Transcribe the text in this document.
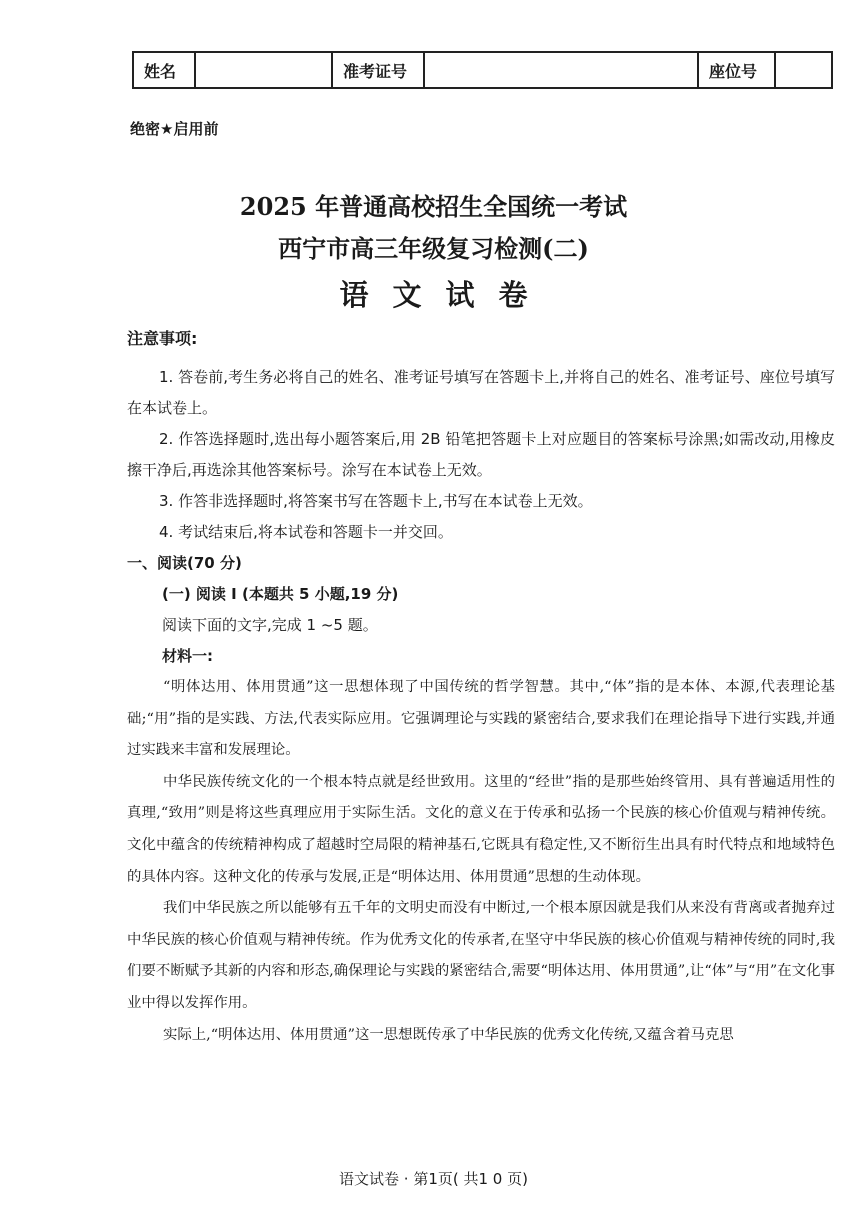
姓名		准考证号		座位号	
绝密★启用前
2025 年普通高校招生全国统一考试
西宁市高三年级复习检测(二)
语文试卷

注意事项:

1. 答卷前,考生务必将自己的姓名、准考证号填写在答题卡上,并将自己的姓名、准考证号、座位号填写在本试卷上。

2. 作答选择题时,选出每小题答案后,用 2B 铅笔把答题卡上对应题目的答案标号涂黑;如需改动,用橡皮擦干净后,再选涂其他答案标号。涂写在本试卷上无效。

3. 作答非选择题时,将答案书写在答题卡上,书写在本试卷上无效。

4. 考试结束后,将本试卷和答题卡一并交回。

一、阅读(70 分)

(一) 阅读 I (本题共 5 小题,19 分)

阅读下面的文字,完成 1 ~5 题。

材料一:

“明体达用、体用贯通”这一思想体现了中国传统的哲学智慧。其中,“体”指的是本体、本源,代表理论基础;“用”指的是实践、方法,代表实际应用。它强调理论与实践的紧密结合,要求我们在理论指导下进行实践,并通过实践来丰富和发展理论。

中华民族传统文化的一个根本特点就是经世致用。这里的“经世”指的是那些始终管用、具有普遍适用性的真理,“致用”则是将这些真理应用于实际生活。文化的意义在于传承和弘扬一个民族的核心价值观与精神传统。文化中蕴含的传统精神构成了超越时空局限的精神基石,它既具有稳定性,又不断衍生出具有时代特点和地域特色的具体内容。这种文化的传承与发展,正是“明体达用、体用贯通”思想的生动体现。

我们中华民族之所以能够有五千年的文明史而没有中断过,一个根本原因就是我们从来没有背离或者抛弃过中华民族的核心价值观与精神传统。作为优秀文化的传承者,在坚守中华民族的核心价值观与精神传统的同时,我们要不断赋予其新的内容和形态,确保理论与实践的紧密结合,需要“明体达用、体用贯通”,让“体”与“用”在文化事业中得以发挥作用。

实际上,“明体达用、体用贯通”这一思想既传承了中华民族的优秀文化传统,又蕴含着马克思

语文试卷 · 第1页( 共1 0 页)
